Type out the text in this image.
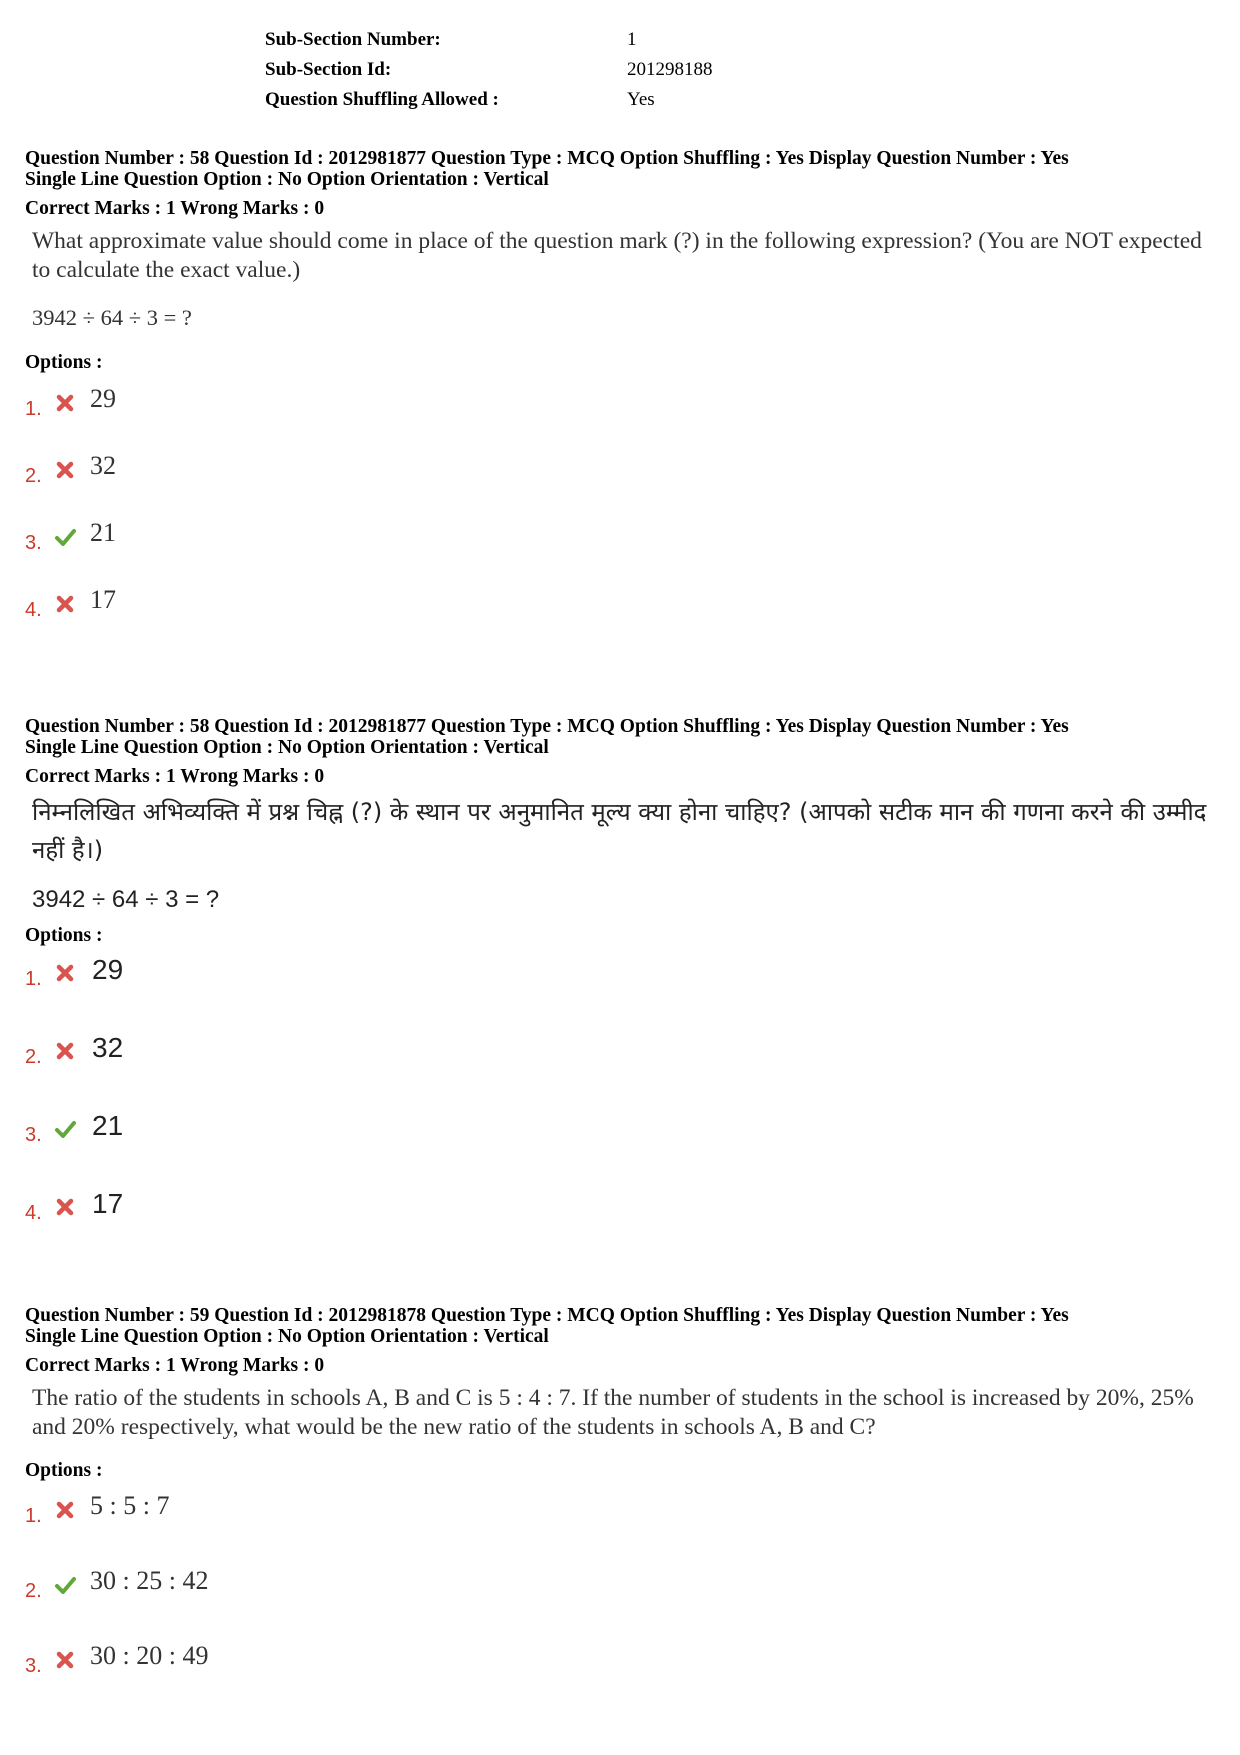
Sub-Section Number:	1
Sub-Section Id:	201298188
Question Shuffling Allowed :	Yes
Question Number : 58 Question Id : 2012981877 Question Type : MCQ Option Shuffling : Yes Display Question Number : Yes
Single Line Question Option : No Option Orientation : Vertical
Correct Marks : 1 Wrong Marks : 0
What approximate value should come in place of the question mark (?) in the following expression? (You are NOT expected to calculate the exact value.)
3942 ÷ 64 ÷ 3 = ?
Options :
1. 29
2. 32
3. 21
4. 17
Question Number : 58 Question Id : 2012981877 Question Type : MCQ Option Shuffling : Yes Display Question Number : Yes
Single Line Question Option : No Option Orientation : Vertical
Correct Marks : 1 Wrong Marks : 0
निम्नलिखित अभिव्यक्ति में प्रश्न चिह्न (?) के स्थान पर अनुमानित मूल्य क्या होना चाहिए? (आपको सटीक मान की गणना करने की उम्मीद नहीं है।)
3942 ÷ 64 ÷ 3 = ?
Options :
1. 29
2. 32
3. 21
4. 17
Question Number : 59 Question Id : 2012981878 Question Type : MCQ Option Shuffling : Yes Display Question Number : Yes
Single Line Question Option : No Option Orientation : Vertical
Correct Marks : 1 Wrong Marks : 0
The ratio of the students in schools A, B and C is 5 : 4 : 7. If the number of students in the school is increased by 20%, 25% and 20% respectively, what would be the new ratio of the students in schools A, B and C?
Options :
1. 5 : 5 : 7
2. 30 : 25 : 42
3. 30 : 20 : 49
